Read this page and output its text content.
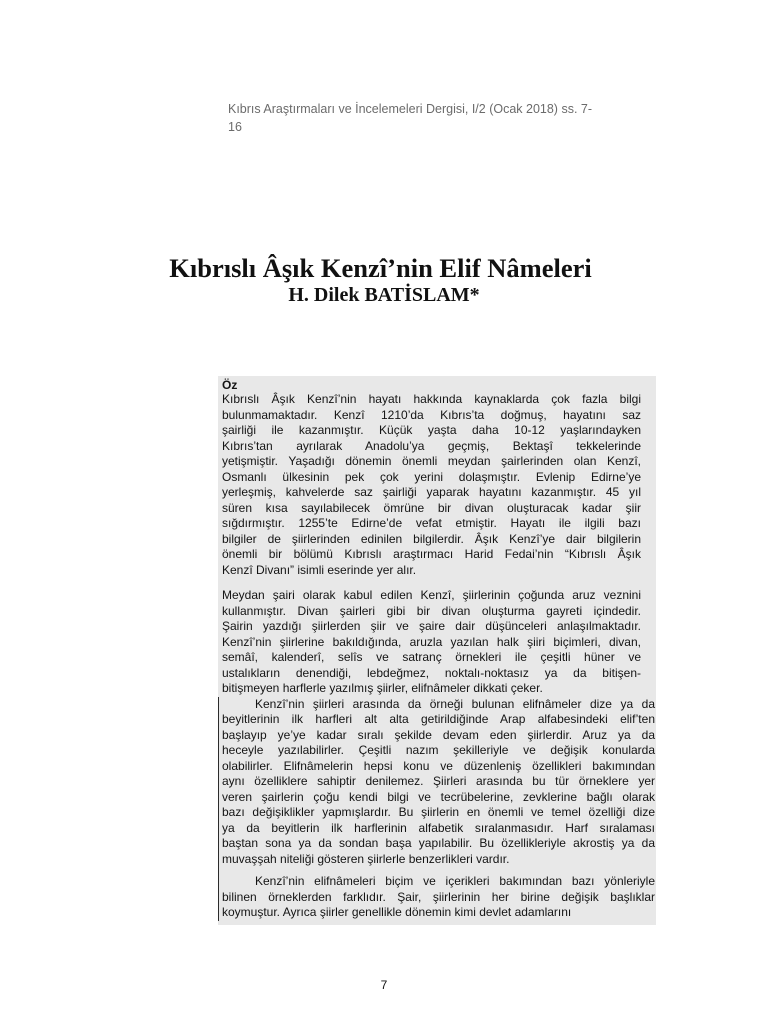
Kıbrıs Araştırmaları ve İncelemeleri Dergisi, I/2 (Ocak 2018) ss. 7-
16
Kıbrıslı Âşık Kenzî’nin Elif Nâmeleri
H. Dilek BATİSLAM*
Öz
Kıbrıslı Âşık Kenzî’nin hayatı hakkında kaynaklarda çok fazla bilgi
bulunmamaktadır. Kenzî 1210’da Kıbrıs’ta doğmuş, hayatını saz
şairliği ile kazanmıştır. Küçük yaşta daha 10-12 yaşlarındayken
Kıbrıs’tan ayrılarak Anadolu’ya geçmiş, Bektaşî tekkelerinde
yetişmiştir. Yaşadığı dönemin önemli meydan şairlerinden olan Kenzî,
Osmanlı ülkesinin pek çok yerini dolaşmıştır. Evlenip Edirne’ye
yerleşmiş, kahvelerde saz şairliği yaparak hayatını kazanmıştır. 45 yıl
süren kısa sayılabilecek ömrüne bir divan oluşturacak kadar şiir
sığdırmıştır. 1255’te Edirne’de vefat etmiştir. Hayatı ile ilgili bazı
bilgiler de şiirlerinden edinilen bilgilerdir. Âşık Kenzî’ye dair bilgilerin
önemli bir bölümü Kıbrıslı araştırmacı Harid Fedai’nin “Kıbrıslı Âşık
Kenzî Divanı” isimli eserinde yer alır.
Meydan şairi olarak kabul edilen Kenzî, şiirlerinin çoğunda aruz veznini
kullanmıştır. Divan şairleri gibi bir divan oluşturma gayreti içindedir.
Şairin yazdığı şiirlerden şiir ve şaire dair düşünceleri anlaşılmaktadır.
Kenzî’nin şiirlerine bakıldığında, aruzla yazılan halk şiiri biçimleri, divan,
semâî, kalenderî, selîs ve satranç örnekleri ile çeşitli hüner ve
ustalıkların denendiği, lebdeğmez, noktalı-noktasız ya da bitişen-
bitişmeyen harflerle yazılmış şiirler, elifnâmeler dikkati çeker.
Kenzî’nin şiirleri arasında da örneği bulunan elifnâmeler dize ya da
beyitlerinin ilk harfleri alt alta getirildiğinde Arap alfabesindeki elif’ten
başlayıp ye’ye kadar sıralı şekilde devam eden şiirlerdir. Aruz ya da
heceyle yazılabilirler. Çeşitli nazım şekilleriyle ve değişik konularda
olabilirler. Elifnâmelerin hepsi konu ve düzenleniş özellikleri bakımından
aynı özelliklere sahiptir denilemez. Şiirleri arasında bu tür örneklere yer
veren şairlerin çoğu kendi bilgi ve tecrübelerine, zevklerine bağlı olarak
bazı değişiklikler yapmışlardır. Bu şiirlerin en önemli ve temel özelliği dize
ya da beyitlerin ilk harflerinin alfabetik sıralanmasıdır. Harf sıralaması
baştan sona ya da sondan başa yapılabilir. Bu özellikleriyle akrostiş ya da
muvaşşah niteliği gösteren şiirlerle benzerlikleri vardır.
Kenzî’nin elifnâmeleri biçim ve içerikleri bakımından bazı yönleriyle
bilinen örneklerden farklıdır. Şair, şiirlerinin her birine değişik başlıklar
koymuştur. Ayrıca şiirler genellikle dönemin kimi devlet adamlarını
7
